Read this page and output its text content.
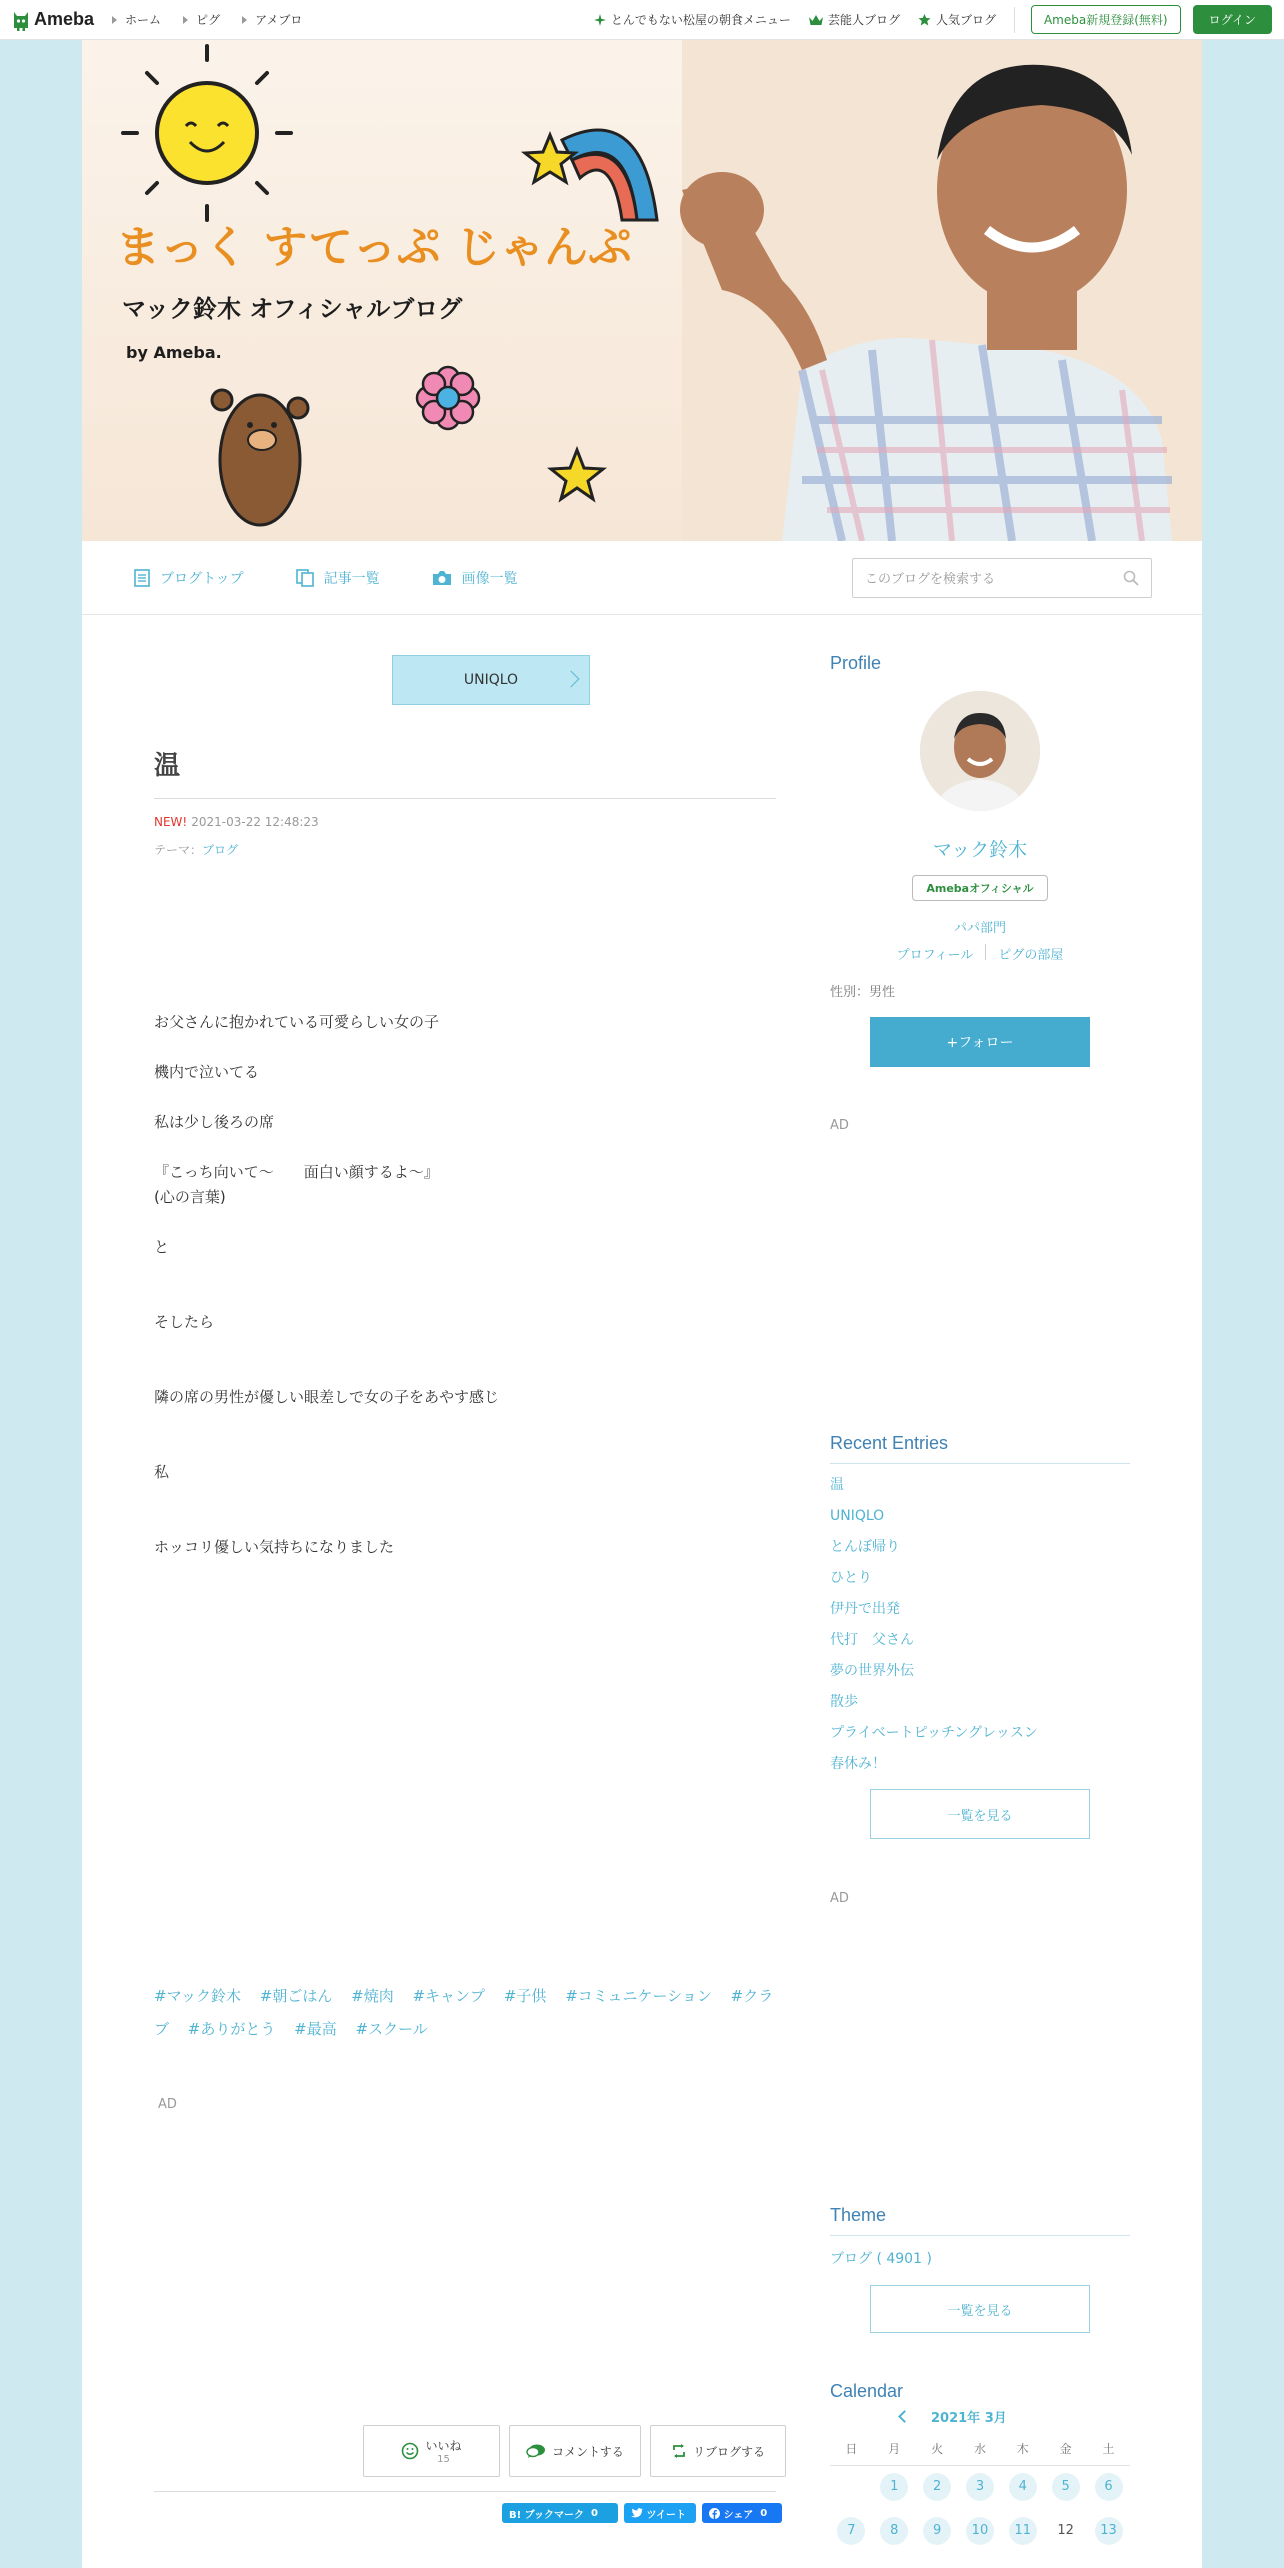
Ameba	ホーム	ピグ	アメブロ	とんでもない松屋の朝食メニュー	芸能人ブログ	人気ブログ	Ameba新規登録(無料)	ログイン
まっく すてっぷ じゃんぷ
マック鈴木 オフィシャルブログ
by Ameba.
ブログトップ	記事一覧	画像一覧	このブログを検索する
UNIQLO
温
NEW! 2021-03-22 12:48:23
テーマ：ブログ

お父さんに抱かれている可愛らしい女の子

機内で泣いてる

私は少し後ろの席

『こっち向いて〜　　面白い顔するよ〜』

(心の言葉)

と

そしたら

隣の席の男性が優しい眼差しで女の子をあやす感じ

私

ホッコリ優しい気持ちになりました

#マック鈴木 #朝ごはん #焼肉 #キャンプ #子供 #コミュニケーション #クラブ #ありがとう #最高 #スクール
AD
いいね
15
コメントする	リブログする
B! ブックマーク
0
	ツイート
	シェア
0
Profile
マック鈴木
Amebaオフィシャル
パパ部門
プロフィール ピグの部屋
性別：男性
+フォロー
AD
Recent Entries
温
UNIQLO
とんぼ帰り
ひとり
伊丹で出発
代打　父さん
夢の世界外伝
散歩
プライベートピッチングレッスン
春休み！
一覧を見る
AD
Theme
ブログ ( 4901 )
一覧を見る
Calendar
2021年 3月
日	月	火	水	木	金	土
	1	2	3	4	5	6
7	8	9	10	11	12	13
